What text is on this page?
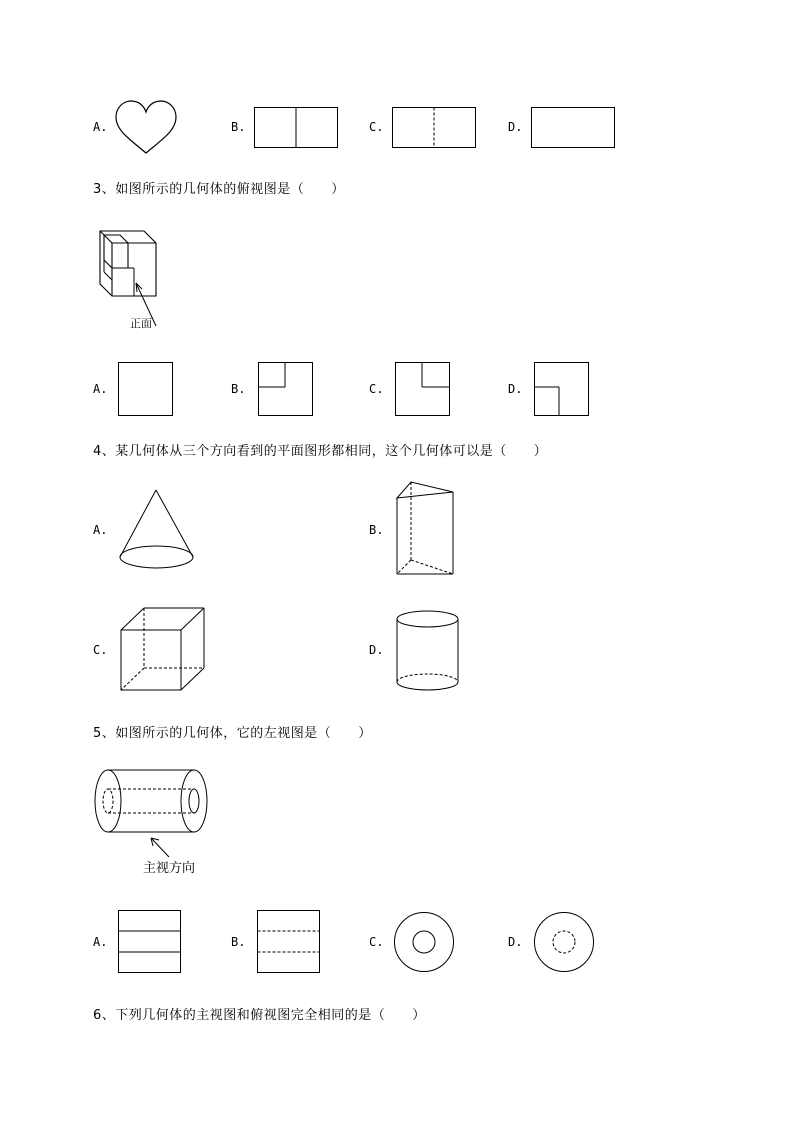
A.	B.	C.	D.
3、如图所示的几何体的俯视图是（　　）
正面
A.	B.	C.	D.
4、某几何体从三个方向看到的平面图形都相同，这个几何体可以是（　　）
A.	B.
C.	D.
5、如图所示的几何体，它的左视图是（　　）
主视方向
A.	B.	C.	D.
6、下列几何体的主视图和俯视图完全相同的是（　　）
